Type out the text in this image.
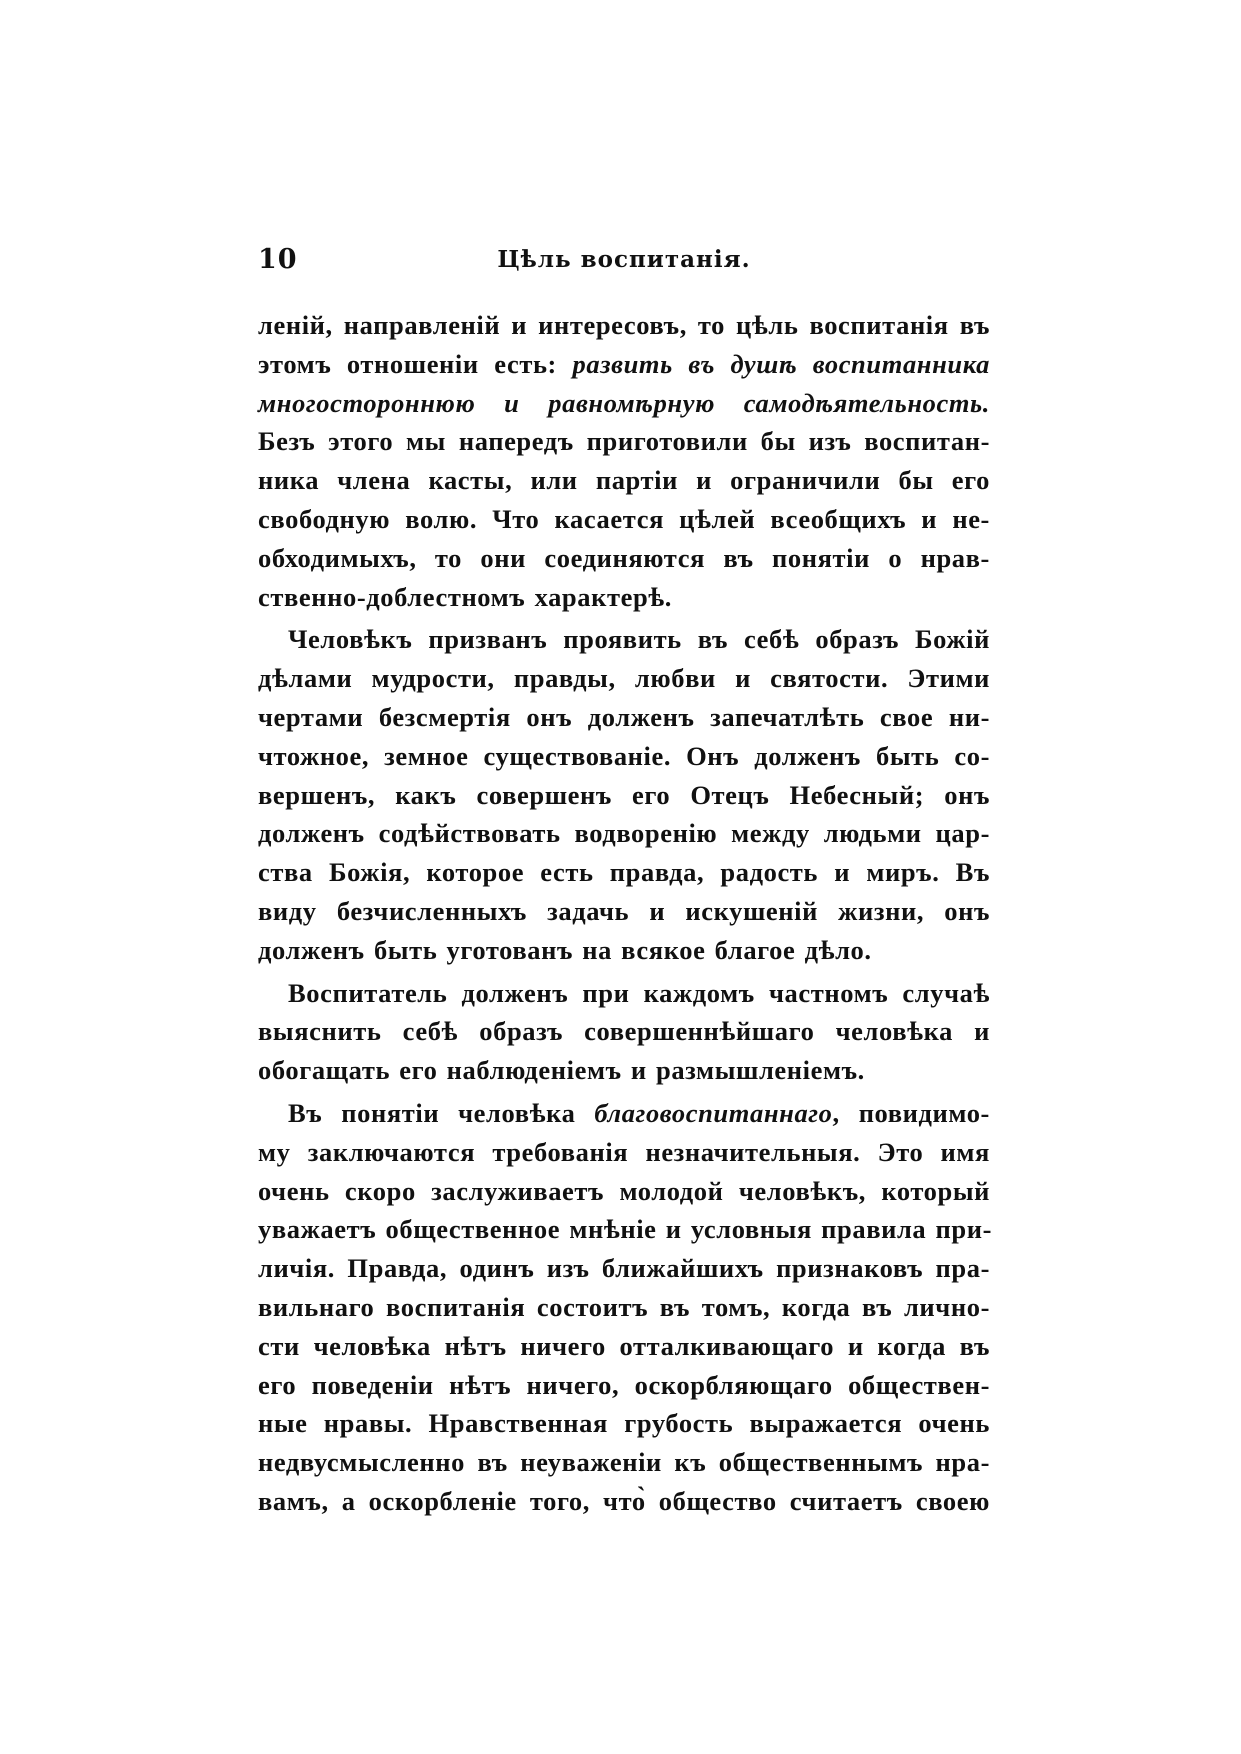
10	Цѣль воспитанія.
ленiй, направленiй и интересовъ, то цѣль воспитанiя въ
этомъ отношенiи есть: развить въ душѣ воспитанника
многостороннюю и равномѣрную самодѣятельность.
Безъ этого мы напередъ приготовили бы изъ воспитан-
ника члена касты, или партiи и ограничили бы его
свободную волю. Что касается цѣлей всеобщихъ и не-
обходимыхъ, то они соединяются въ понятiи о нрав-
ственно-доблестномъ характерѣ.
Человѣкъ призванъ проявить въ себѣ образъ Божiй
дѣлами мудрости, правды, любви и святости. Этими
чертами безсмертiя онъ долженъ запечатлѣть свое ни-
чтожное, земное существованiе. Онъ долженъ быть со-
вершенъ, какъ совершенъ его Отецъ Небесный; онъ
долженъ содѣйствовать водворенiю между людьми цар-
ства Божiя, которое есть правда, радость и миръ. Въ
виду безчисленныхъ задачь и искушенiй жизни, онъ
долженъ быть уготованъ на всякое благое дѣло.
Воспитатель долженъ при каждомъ частномъ случаѣ
выяснить себѣ образъ совершеннѣйшаго человѣка и
обогащать его наблюденiемъ и размышленiемъ.
Въ понятiи человѣка благовоспитаннаго, повидимо-
му заключаются требованiя незначительныя. Это имя
очень скоро заслуживаетъ молодой человѣкъ, который
уважаетъ общественное мнѣнiе и условныя правила при-
личiя. Правда, одинъ изъ ближайшихъ признаковъ пра-
вильнаго воспитанiя состоитъ въ томъ, когда въ лично-
сти человѣка нѣтъ ничего отталкивающаго и когда въ
его поведенiи нѣтъ ничего, оскорбляющаго обществен-
ные нравы. Нравственная грубость выражается очень
недвусмысленно въ неуваженiи къ общественнымъ нра-
вамъ, а оскорбленiе того, что̀ общество считаетъ своею
